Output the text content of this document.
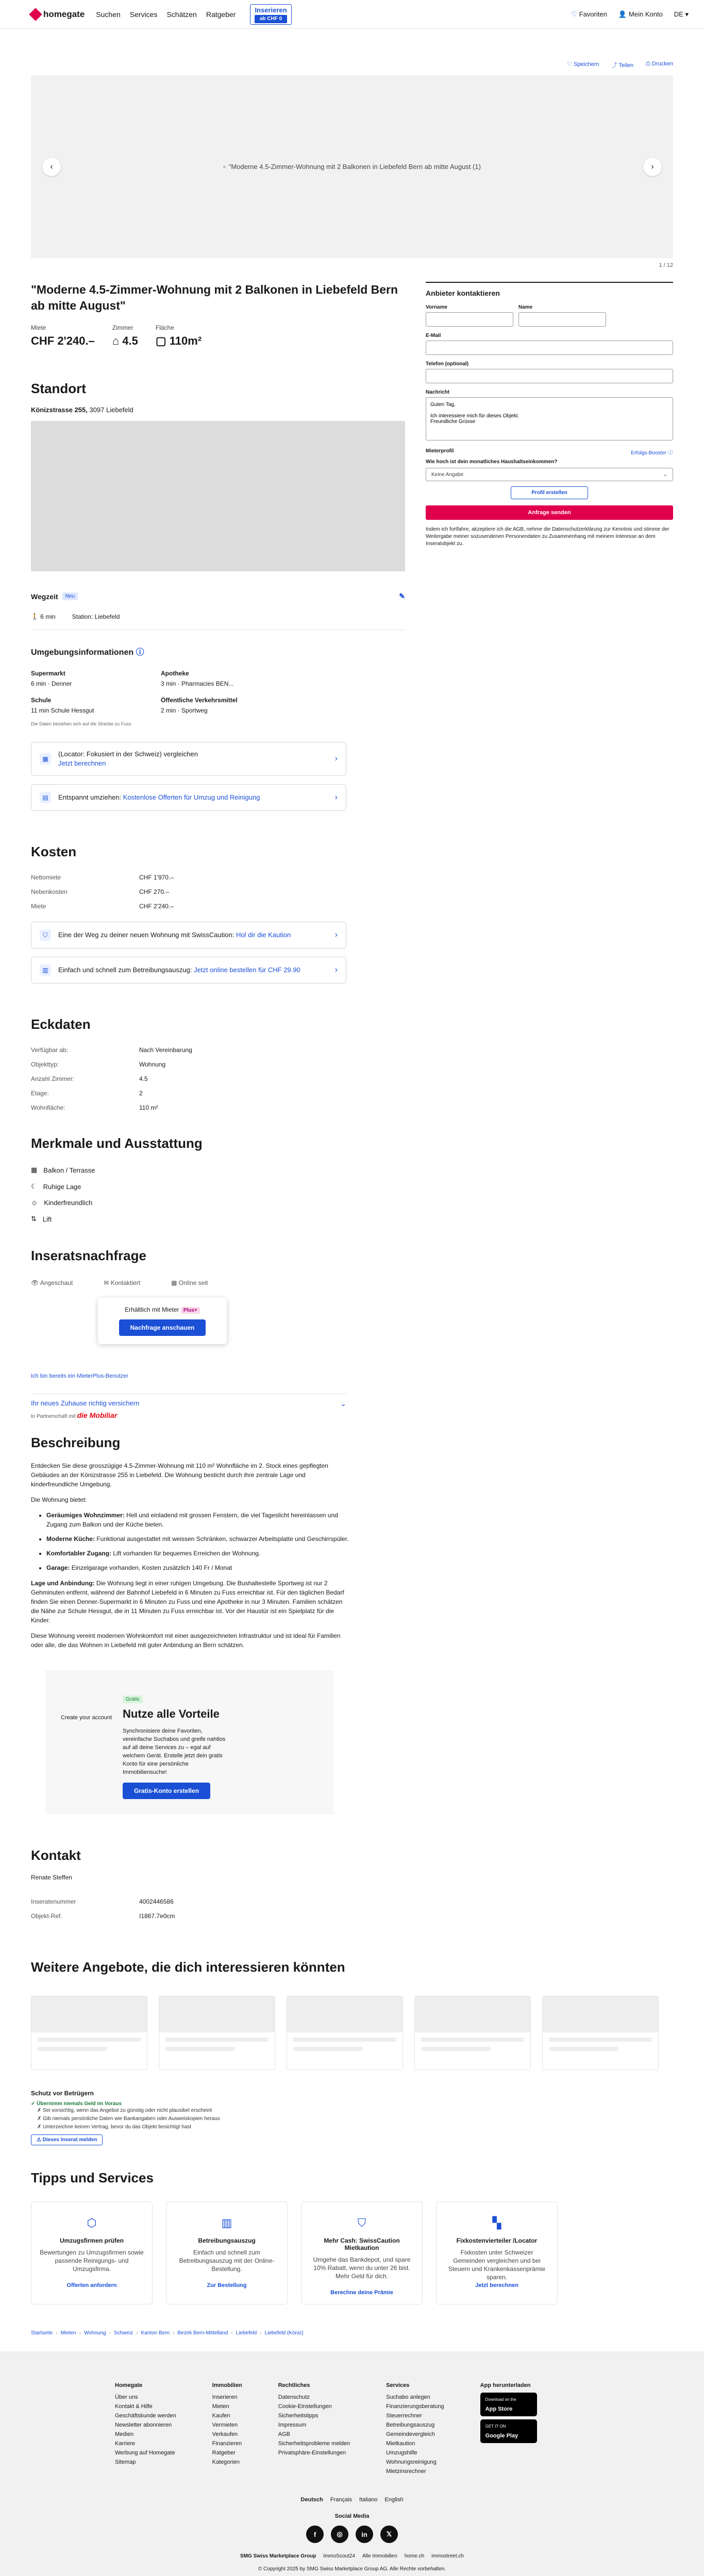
homegate Suchen Services Schätzen Ratgeber
Inserieren
ab CHF 0
♡ Favoriten 👤 Mein Konto DE ▾
♡ Speichern ⤴ Teilen ⎙ Drucken
‹	▫ "Moderne 4.5-Zimmer-Wohnung mit 2 Balkonen in Liebefeld Bern ab mitte August (1)	›
1 / 12
"Moderne 4.5-Zimmer-Wohnung mit 2 Balkonen in Liebefeld Bern ab mitte August"
Miete
CHF 2'240.–
Zimmer
⌂ 4.5
Fläche
▢ 110m²
Standort
Könizstrasse 255, 3097 Liebefeld
Wegzeit	Neu	✎
🚶 6 min	Station: Liebefeld
Umgebungsinformationen ⓘ
Supermarkt
6 min · Denner
Apotheke
3 min · Pharmacies BEN...
Schule
11 min Schule Hessgut
Öffentliche Verkehrsmittel
2 min · Sportweg
Die Daten beziehen sich auf die Strecke zu Fuss.
▦
(Locator: Fokusiert in der Schweiz) vergleichen
Jetzt berechnen
›
▤	Entspannt umziehen: Kostenlose Offerten für Umzug und Reinigung	›
Kosten
Nettomiete	CHF 1'970.–
Nebenkosten	CHF 270.–
Miete	CHF 2'240.–
⛉	Eine der Weg zu deiner neuen Wohnung mit SwissCaution: Hol dir die Kaution	›
▥	Einfach und schnell zum Betreibungsauszug: Jetzt online bestellen für CHF 29.90	›
Eckdaten
Verfügbar ab:	Nach Vereinbarung
Objekttyp:	Wohnung
Anzahl Zimmer:	4.5
Etage:	2
Wohnfläche:	110 m²
Merkmale und Ausstattung
▦ Balkon / Terrasse
☾ Ruhige Lage
☺ Kinderfreundlich
⇅ Lift
Inseratsnachfrage
👁 Angeschaut	✉ Kontaktiert	▦ Online seit
Erhältlich mit Mieter Plus+
Nachfrage anschauen
Ich bin bereits ein MieterPlus-Benutzer
Ihr neues Zuhause richtig versichern
In Partnerschaft mit die Mobiliar
⌄
Beschreibung

Entdecken Sie diese grosszügige 4.5-Zimmer-Wohnung mit 110 m² Wohnfläche im 2. Stock eines gepflegten Gebäudes an der Könizstrasse 255 in Liebefeld. Die Wohnung besticht durch ihre zentrale Lage und kinderfreundliche Umgebung.

Die Wohnung bietet:

• Geräumiges Wohnzimmer: Hell und einladend mit grossen Fenstern, die viel Tageslicht hereinlassen und Zugang zum Balkon und der Küche bieten.
• Moderne Küche: Funktional ausgestattet mit weissen Schränken, schwarzer Arbeitsplatte und Geschirrspüler.
• Komfortabler Zugang: Lift vorhanden für bequemes Erreichen der Wohnung.
• Garage: Einzelgarage vorhanden, Kosten zusätzlich 140 Fr / Monat

Lage und Anbindung: Die Wohnung liegt in einer ruhigen Umgebung. Die Bushaltestelle Sportweg ist nur 2 Gehminuten entfernt, während der Bahnhof Liebefeld in 6 Minuten zu Fuss erreichbar ist. Für den täglichen Bedarf finden Sie einen Denner-Supermarkt in 6 Minuten zu Fuss und eine Apotheke in nur 3 Minuten. Familien schätzen die Nähe zur Schule Hessgut, die in 11 Minuten zu Fuss erreichbar ist. Vor der Haustür ist ein Spielplatz für die Kinder.

Diese Wohnung vereint modernen Wohnkomfort mit einer ausgezeichneten Infrastruktur und ist ideal für Familien oder alle, die das Wohnen in Liebefeld mit guter Anbindung an Bern schätzen.

Create your account
Gratis
Nutze alle Vorteile

Synchronisiere deine Favoriten, vereinfache Suchabos und greife nahtlos auf all deine Services zu – egal auf welchem Gerät. Erstelle jetzt dein gratis Konto für eine persönliche Immobiliensuche!

Gratis-Konto erstellen
Kontakt
Renate Steffen
Inseratenummer	4002446586
Objekt-Ref.	I1867.7e0cm
Anbieter kontaktieren
Vorname	Name
E-Mail
Telefon (optional)
Nachricht
Guten Tag, Ich interessiere mich für dieses Objekt. Freundliche Grüsse
Mieterprofil	Erfolgs-Booster ⓘ
Wie hoch ist dein monatliches Haushaltseinkommen?
Keine Angabe	⌄
Profil erstellen
Anfrage senden
Indem ich fortfahre, akzeptiere ich die AGB, nehme die Datenschutzerklärung zur Kenntnis und stimme der Weitergabe meiner sozusendenen Personendaten zu Zusammenhang mit meinem Interesse an dem Inseratobjekt zu.
Weitere Angebote, die dich interessieren könnten
Schutz vor Betrügern
✓ Übernimm niemals Geld im Voraus
✗ Sei vorsichtig, wenn das Angebot zu günstig oder nicht plausibel erscheint
✗ Gib niemals persönliche Daten wie Bankangaben oder Ausweiskopien heraus
✗ Unterzeichne keinen Vertrag, bevor du das Objekt besichtigt hast
⚠ Dieses Inserat melden
Tipps und Services
⬡
Umzugsfirmen prüfen

Bewertungen zu Umzugsfirmen sowie passende Reinigungs- und Umzugsfirma.

Offerten anfordern
▥
Betreibungsauszug

Einfach und schnell zum Betreibungsauszug mit der Online-Bestellung.

Zur Bestellung
⛉
Mehr Cash: SwissCaution Mietkaution

Umgehe das Bankdepot, und spare 10% Rabatt, wenn du unter 26 bist. Mehr Geld für dich.

Berechne deine Prämie
▚
Fixkostenvierteiler /Locator

Fixkosten unter Schweizer Gemeinden vergleichen und bei Steuern und Krankenkassenprämie sparen.

Jetzt berechnen
Startseite › Mieten › Wohnung › Schweiz › Kanton Bern › Bezirk Bern-Mittelland › Liebefeld › Liebefeld (Köniz)
Homegate
Über uns
Kontakt & Hilfe
Geschäftskunde werden
Newsletter abonnieren
Medien
Karriere
Werbung auf Homegate
Sitemap
Immobilien
Inserieren
Mieten
Kaufen
Vermieten
Verkaufen
Finanzieren
Ratgeber
Kategorien
Rechtliches
Datenschutz
Cookie-Einstellungen
Sicherheitstipps
Impressum
AGB
Sicherheitsprobleme melden
Privatsphäre-Einstellungen
Services
Suchabo anlegen
Finanzierungsberatung
Steuerrechner
Betreibungsauszug
Gemeindevergleich
Mietkaution
Umzugshilfe
Wohnungsreinigung
Mietzinsrechner
App herunterladen
Download on the
App Store
GET IT ON
Google Play
Deutsch Français Italiano English
Social Media
f	◎	in	𝕏
SMG Swiss Marketplace Group ImmoScout24 Alle Immobilien home.ch immostreet.ch
© Copyright 2025 by SMG Swiss Marketplace Group AG. Alle Rechte vorbehalten.
